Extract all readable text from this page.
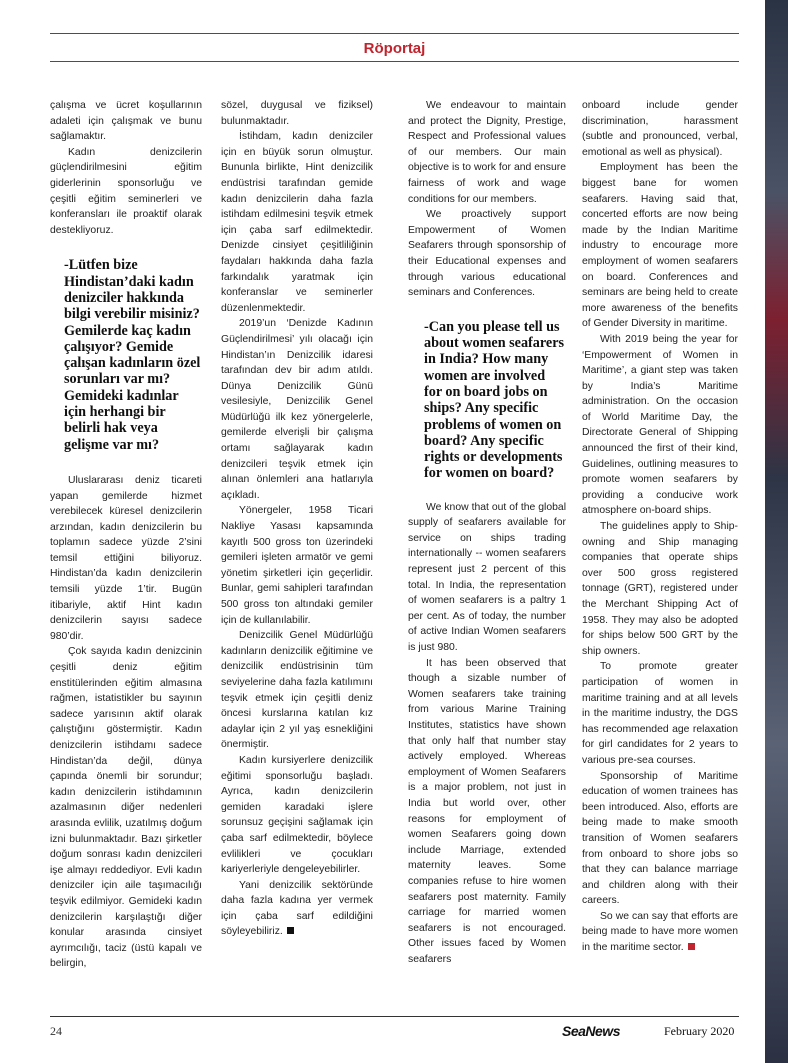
Röportaj

çalışma ve ücret koşullarının adaleti için çalışmak ve bunu sağlamaktır.

Kadın denizcilerin güçlendirilmesini eğitim giderlerinin sponsorluğu ve çeşitli eğitim seminerleri ve konferansları ile proaktif olarak destekliyoruz.

-Lütfen bize Hindistan’daki kadın denizciler hakkında bilgi verebilir misiniz? Gemilerde kaç kadın çalışıyor? Gemide çalışan kadınların özel sorunları var mı? Gemideki kadınlar için herhangi bir belirli hak veya gelişme var mı?

Uluslararası deniz ticareti yapan gemilerde hizmet verebilecek küresel denizcilerin arzından, kadın denizcilerin bu toplamın sadece yüzde 2’sini temsil ettiğini biliyoruz. Hindistan’da kadın denizcilerin temsili yüzde 1’tir. Bugün itibariyle, aktif Hint kadın denizcilerin sayısı sadece 980’dir.

Çok sayıda kadın denizcinin çeşitli deniz eğitim enstitülerinden eğitim almasına rağmen, istatistikler bu sayının sadece yarısının aktif olarak çalıştığını göstermiştir. Kadın denizcilerin istihdamı sadece Hindistan’da değil, dünya çapında önemli bir sorundur; kadın denizcilerin istihdamının azalmasının diğer nedenleri arasında evlilik, uzatılmış doğum izni bulunmaktadır. Bazı şirketler doğum sonrası kadın denizcileri işe almayı reddediyor. Evli kadın denizciler için aile taşımacılığı teşvik edilmiyor. Gemideki kadın denizcilerin karşılaştığı diğer konular arasında cinsiyet ayrımcılığı, taciz (üstü kapalı ve belirgin,

sözel, duygusal ve fiziksel) bulunmaktadır.

İstihdam, kadın denizciler için en büyük sorun olmuştur. Bununla birlikte, Hint denizcilik endüstrisi tarafından gemide kadın denizcilerin daha fazla istihdam edilmesini teşvik etmek için çaba sarf edilmektedir. Denizde cinsiyet çeşitliliğinin faydaları hakkında daha fazla farkındalık yaratmak için konferanslar ve seminerler düzenlenmektedir.

2019’un ‘Denizde Kadının Güçlendirilmesi’ yılı olacağı için Hindistan’ın Denizcilik idaresi tarafından dev bir adım atıldı. Dünya Denizcilik Günü vesilesiyle, Denizcilik Genel Müdürlüğü ilk kez yönergelerle, gemilerde elverişli bir çalışma ortamı sağlayarak kadın denizcileri teşvik etmek için alınan önlemleri ana hatlarıyla açıkladı.

Yönergeler, 1958 Ticari Nakliye Yasası kapsamında kayıtlı 500 gross ton üzerindeki gemileri işleten armatör ve gemi yönetim şirketleri için geçerlidir. Bunlar, gemi sahipleri tarafından 500 gross ton altındaki gemiler için de kullanılabilir.

Denizcilik Genel Müdürlüğü kadınların denizcilik eğitimine ve denizcilik endüstrisinin tüm seviyelerine daha fazla katılımını teşvik etmek için çeşitli deniz öncesi kurslarına katılan kız adaylar için 2 yıl yaş esnekliğini önermiştir.

Kadın kursiyerlere denizcilik eğitimi sponsorluğu başladı. Ayrıca, kadın denizcilerin gemiden karadaki işlere sorunsuz geçişini sağlamak için çaba sarf edilmektedir, böylece evlilikleri ve çocukları kariyerleriyle dengeleyebilirler.

Yani denizcilik sektöründe daha fazla kadına yer vermek için çaba sarf edildiğini söyleyebiliriz.

We endeavour to maintain and protect the Dignity, Prestige, Respect and Professional values of our members. Our main objective is to work for and ensure fairness of work and wage conditions for our members.

We proactively support Empowerment of Women Seafarers through sponsorship of their Educational expenses and through various educational seminars and Conferences.

-Can you please tell us about women seafarers in India? How many women are involved for on board jobs on ships? Any specific problems of women on board? Any specific rights or developments for women on board?

We know that out of the global supply of seafarers available for service on ships trading internationally -- women seafarers represent just 2 percent of this total. In India, the representation of women seafarers is a paltry 1 per cent. As of today, the number of active Indian Women seafarers is just 980.

It has been observed that though a sizable number of Women seafarers take training from various Marine Training Institutes, statistics have shown that only half that number stay actively employed. Whereas employment of Women Seafarers is a major problem, not just in India but world over, other reasons for employment of women Seafarers going down include Marriage, extended maternity leaves. Some companies refuse to hire women seafarers post maternity. Family carriage for married women seafarers is not encouraged. Other issues faced by Women seafarers

onboard include gender discrimination, harassment (subtle and pronounced, verbal, emotional as well as physical).

Employment has been the biggest bane for women seafarers. Having said that, concerted efforts are now being made by the Indian Maritime industry to encourage more employment of women seafarers on board. Conferences and seminars are being held to create more awareness of the benefits of Gender Diversity in maritime.

With 2019 being the year for ‘Empowerment of Women in Maritime’, a giant step was taken by India’s Maritime administration. On the occasion of World Maritime Day, the Directorate General of Shipping announced the first of their kind, Guidelines, outlining measures to promote women seafarers by providing a conducive work atmosphere on-board ships.

The guidelines apply to Ship-owning and Ship managing companies that operate ships over 500 gross registered tonnage (GRT), registered under the Merchant Shipping Act of 1958. They may also be adopted for ships below 500 GRT by the ship owners.

To promote greater participation of women in maritime training and at all levels in the maritime industry, the DGS has recommended age relaxation for girl candidates for 2 years to various pre-sea courses.

Sponsorship of Maritime education of women trainees has been introduced. Also, efforts are being made to make smooth transition of Women seafarers from onboard to shore jobs so that they can balance marriage and children along with their careers.

So we can say that efforts are being made to have more women in the maritime sector.

24	SeaNews	February 2020
